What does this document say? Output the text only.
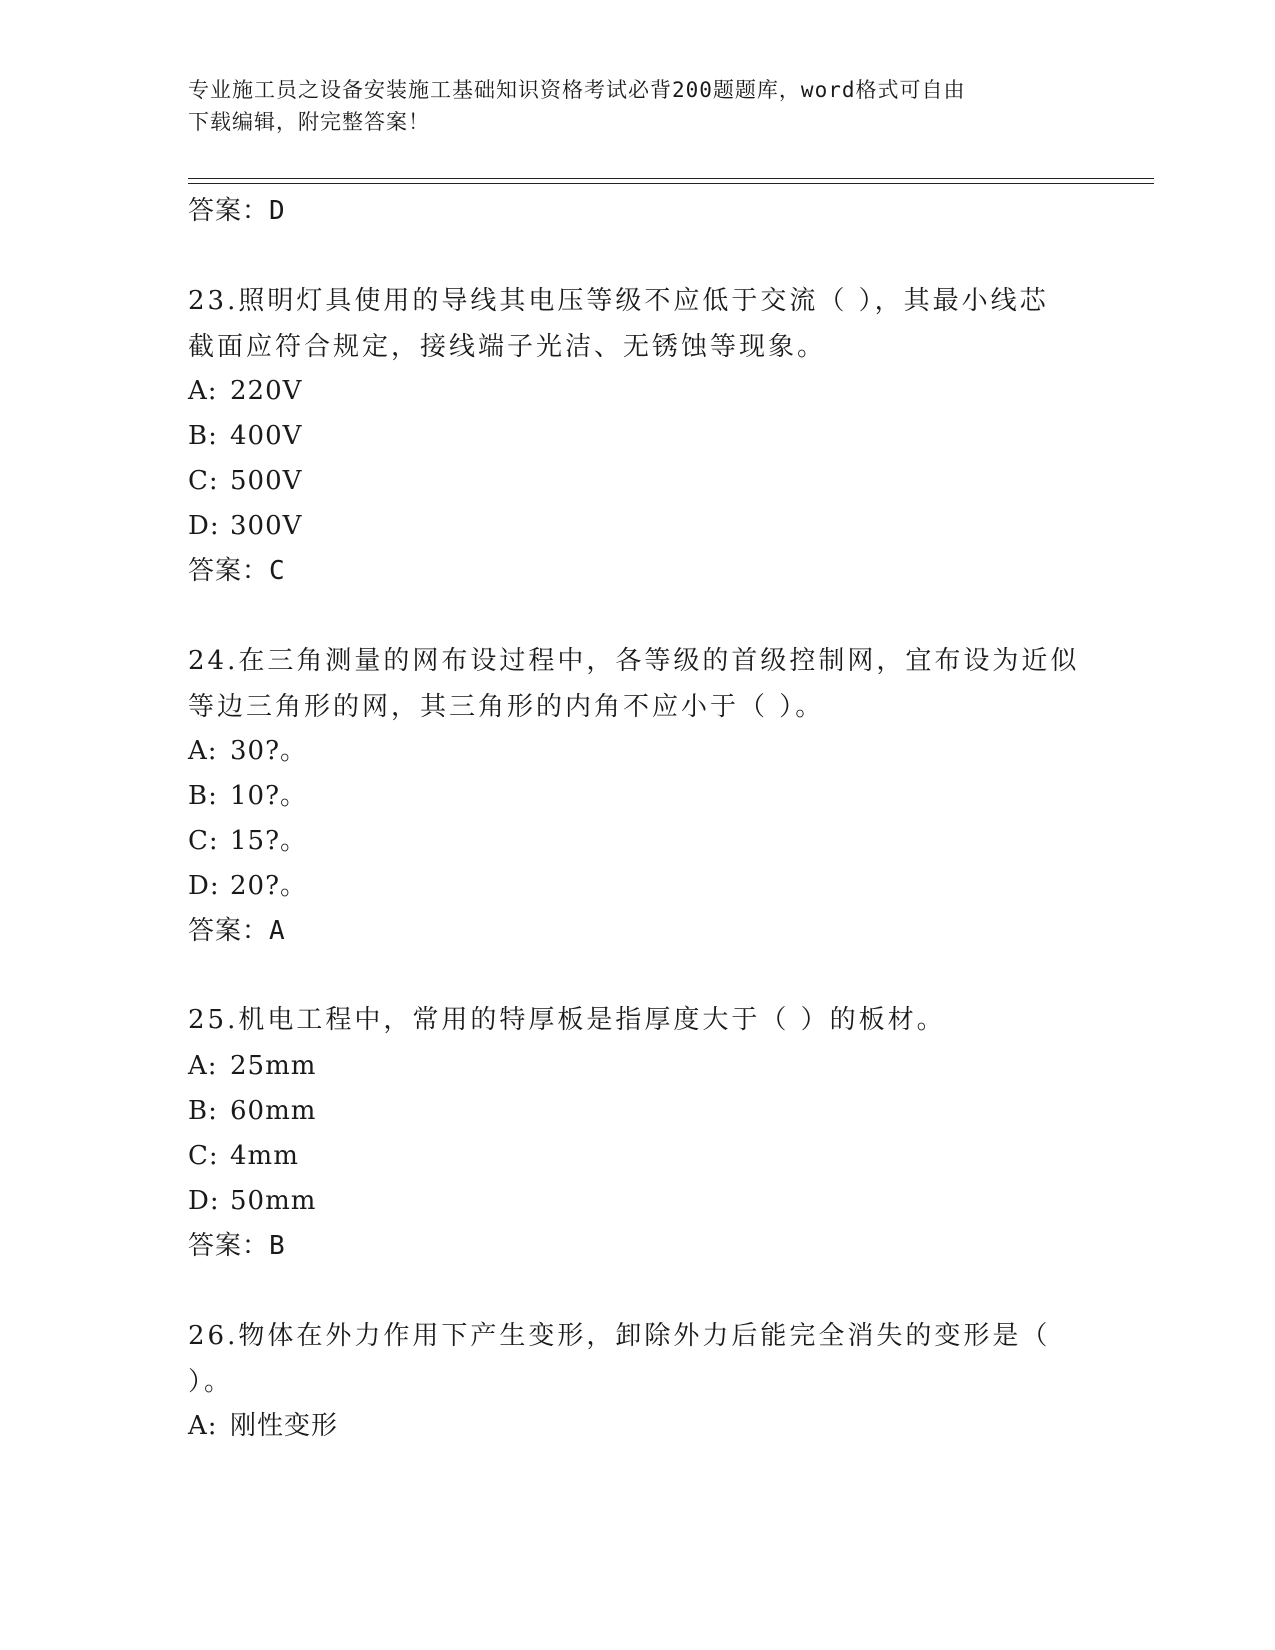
专业施工员之设备安装施工基础知识资格考试必背200题题库，word格式可自由
下载编辑，附完整答案！
答案：D
23.照明灯具使用的导线其电压等级不应低于交流（ ），其最小线芯
截面应符合规定，接线端子光洁、无锈蚀等现象。
A: 220V
B: 400V
C: 500V
D: 300V
答案：C
24.在三角测量的网布设过程中，各等级的首级控制网，宜布设为近似
等边三角形的网，其三角形的内角不应小于（ ）。
A: 30?。
B: 10?。
C: 15?。
D: 20?。
答案：A
25.机电工程中，常用的特厚板是指厚度大于（ ）的板材。
A: 25mm
B: 60mm
C: 4mm
D: 50mm
答案：B
26.物体在外力作用下产生变形，卸除外力后能完全消失的变形是（
）。
A: 刚性变形
